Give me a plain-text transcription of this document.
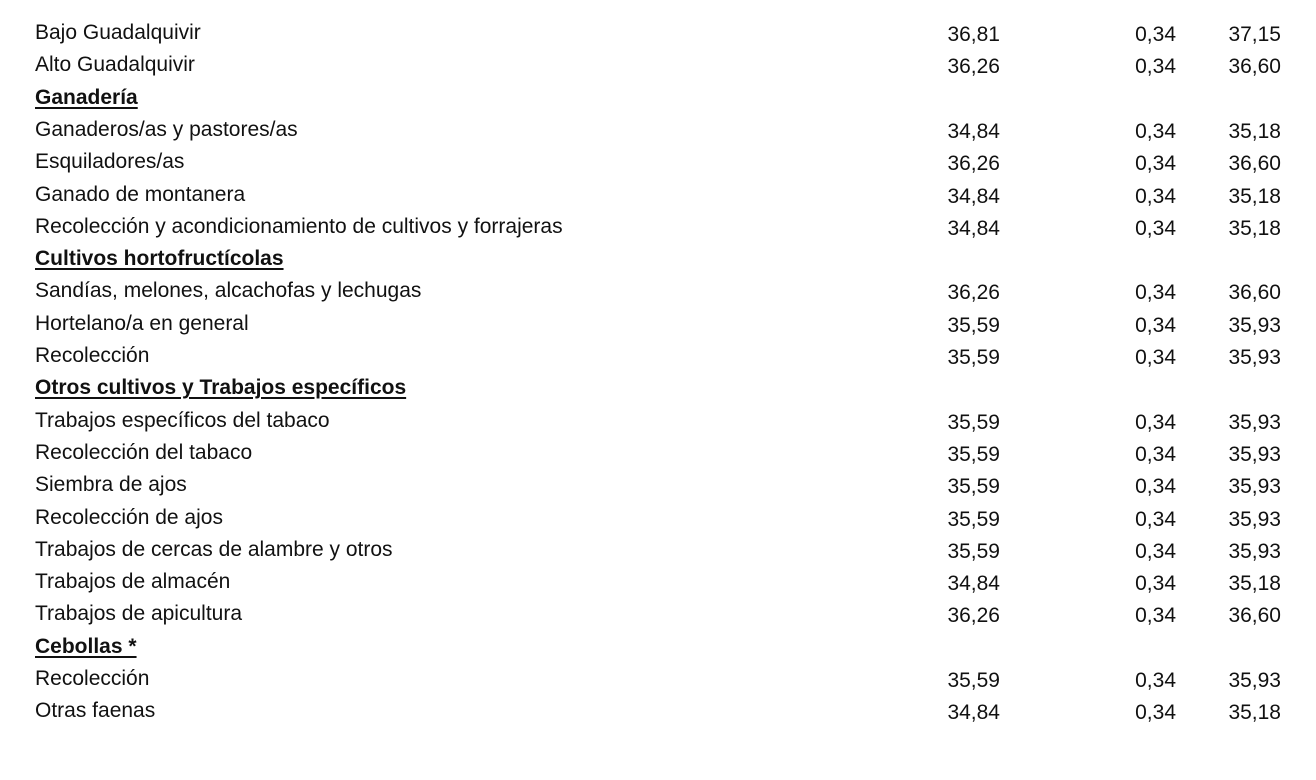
Bajo Guadalquivir	36,81	0,34	37,15
Alto Guadalquivir	36,26	0,34	36,60
Ganadería
Ganaderos/as y pastores/as	34,84	0,34	35,18
Esquiladores/as	36,26	0,34	36,60
Ganado de montanera	34,84	0,34	35,18
Recolección y acondicionamiento de cultivos y forrajeras	34,84	0,34	35,18
Cultivos hortofructícolas
Sandías, melones, alcachofas y lechugas	36,26	0,34	36,60
Hortelano/a en general	35,59	0,34	35,93
Recolección	35,59	0,34	35,93
Otros cultivos y Trabajos específicos
Trabajos específicos del tabaco	35,59	0,34	35,93
Recolección del tabaco	35,59	0,34	35,93
Siembra de ajos	35,59	0,34	35,93
Recolección de ajos	35,59	0,34	35,93
Trabajos de cercas de alambre y otros	35,59	0,34	35,93
Trabajos de almacén	34,84	0,34	35,18
Trabajos de apicultura	36,26	0,34	36,60
Cebollas *
Recolección	35,59	0,34	35,93
Otras faenas	34,84	0,34	35,18
